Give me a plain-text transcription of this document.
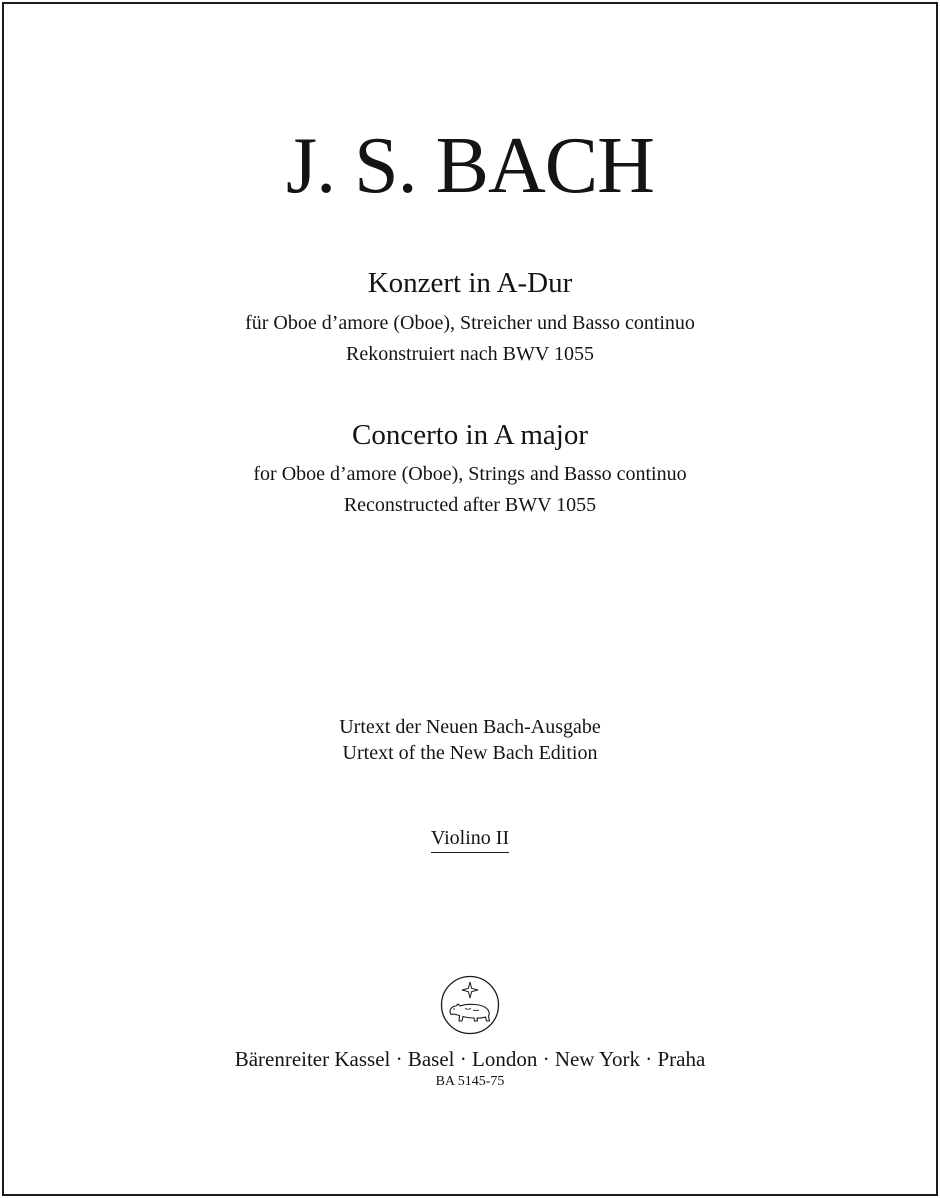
J. S. BACH
Konzert in A-Dur
für Oboe d’amore (Oboe), Streicher und Basso continuo
Rekonstruiert nach BWV 1055
Concerto in A major
for Oboe d’amore (Oboe), Strings and Basso continuo
Reconstructed after BWV 1055
Urtext der Neuen Bach-Ausgabe
Urtext of the New Bach Edition
Violino II
Bärenreiter Kassel · Basel · London · New York · Praha
BA 5145-75
